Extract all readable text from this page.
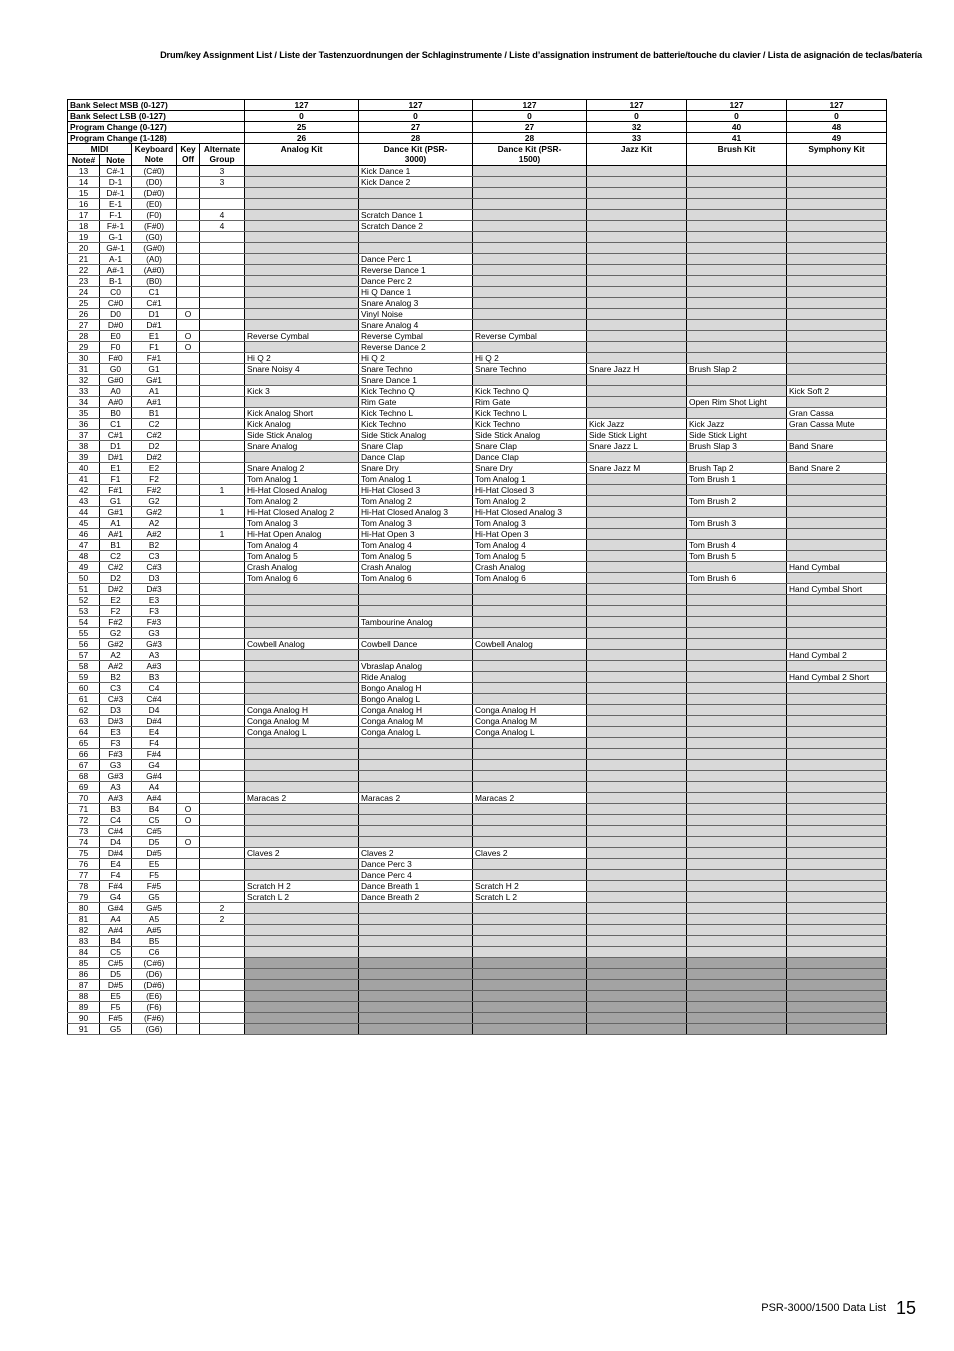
Drum/key Assignment List / Liste der Tastenzuordnungen der Schlaginstrumente / Liste d’assignation instrument de batterie/touche du clavier / Lista de asignación de teclas/batería
Bank Select MSB (0-127)					127	127	127	127	127	127
Bank Select LSB (0-127)					0	0	0	0	0	0
Program Change (0-127)					25	27	27	32	40	48
Program Change (1-128)					26	28	28	33	41	49
MIDI		Keyboard Note	Key Off	Alternate Group	Analog Kit	Dance Kit (PSR-3000)	Dance Kit (PSR-1500)	Jazz Kit	Brush Kit	Symphony Kit
Note#	Note									
13	C#-1	(C#0)		3		Kick Dance 1				
14	D-1	(D0)		3		Kick Dance 2				
15	D#-1	(D#0)								
16	E-1	(E0)								
17	F-1	(F0)		4		Scratch Dance 1				
18	F#-1	(F#0)		4		Scratch Dance 2				
19	G-1	(G0)								
20	G#-1	(G#0)								
21	A-1	(A0)				Dance Perc 1				
22	A#-1	(A#0)				Reverse Dance 1				
23	B-1	(B0)				Dance Perc 2				
24	C0	C1				Hi Q Dance 1				
25	C#0	C#1				Snare Analog 3				
26	D0	D1	O			Vinyl Noise				
27	D#0	D#1				Snare Analog 4				
28	E0	E1	O		Reverse Cymbal	Reverse Cymbal	Reverse Cymbal			
29	F0	F1	O			Reverse Dance 2				
30	F#0	F#1			Hi Q 2	Hi Q 2	Hi Q 2			
31	G0	G1			Snare Noisy 4	Snare Techno	Snare Techno	Snare Jazz H	Brush Slap 2	
32	G#0	G#1				Snare Dance 1				
33	A0	A1			Kick 3	Kick Techno Q	Kick Techno Q			Kick Soft 2
34	A#0	A#1				Rim Gate	Rim Gate		Open Rim Shot Light	
35	B0	B1			Kick Analog Short	Kick Techno L	Kick Techno L			Gran Cassa
36	C1	C2			Kick Analog	Kick Techno	Kick Techno	Kick Jazz	Kick Jazz	Gran Cassa Mute
37	C#1	C#2			Side Stick Analog	Side Stick Analog	Side Stick Analog	Side Stick Light	Side Stick Light	
38	D1	D2			Snare Analog	Snare Clap	Snare Clap	Snare Jazz L	Brush Slap 3	Band Snare
39	D#1	D#2				Dance Clap	Dance Clap			
40	E1	E2			Snare Analog 2	Snare Dry	Snare Dry	Snare Jazz M	Brush Tap 2	Band Snare 2
41	F1	F2			Tom Analog 1	Tom Analog 1	Tom Analog 1		Tom Brush 1	
42	F#1	F#2		1	Hi-Hat Closed Analog	Hi-Hat Closed 3	Hi-Hat Closed 3			
43	G1	G2			Tom Analog 2	Tom Analog 2	Tom Analog 2		Tom Brush 2	
44	G#1	G#2		1	Hi-Hat Closed Analog 2	Hi-Hat Closed Analog 3	Hi-Hat Closed Analog 3			
45	A1	A2			Tom Analog 3	Tom Analog 3	Tom Analog 3		Tom Brush 3	
46	A#1	A#2		1	Hi-Hat Open Analog	Hi-Hat Open 3	Hi-Hat Open 3			
47	B1	B2			Tom Analog 4	Tom Analog 4	Tom Analog 4		Tom Brush 4	
48	C2	C3			Tom Analog 5	Tom Analog 5	Tom Analog 5		Tom Brush 5	
49	C#2	C#3			Crash Analog	Crash Analog	Crash Analog			Hand Cymbal
50	D2	D3			Tom Analog 6	Tom Analog 6	Tom Analog 6		Tom Brush 6	
51	D#2	D#3								Hand Cymbal Short
52	E2	E3								
53	F2	F3								
54	F#2	F#3				Tambourine Analog				
55	G2	G3								
56	G#2	G#3			Cowbell Analog	Cowbell Dance	Cowbell Analog			
57	A2	A3								Hand Cymbal 2
58	A#2	A#3				Vbraslap Analog				
59	B2	B3				Ride Analog				Hand Cymbal 2 Short
60	C3	C4				Bongo Analog H				
61	C#3	C#4				Bongo Analog L				
62	D3	D4			Conga Analog H	Conga Analog H	Conga Analog H			
63	D#3	D#4			Conga Analog M	Conga Analog M	Conga Analog M			
64	E3	E4			Conga Analog L	Conga Analog L	Conga Analog L			
65	F3	F4								
66	F#3	F#4								
67	G3	G4								
68	G#3	G#4								
69	A3	A4								
70	A#3	A#4			Maracas 2	Maracas 2	Maracas 2			
71	B3	B4	O							
72	C4	C5	O							
73	C#4	C#5								
74	D4	D5	O							
75	D#4	D#5			Claves 2	Claves 2	Claves 2			
76	E4	E5				Dance Perc 3				
77	F4	F5				Dance Perc 4				
78	F#4	F#5			Scratch H 2	Dance Breath 1	Scratch H 2			
79	G4	G5			Scratch L 2	Dance Breath 2	Scratch L 2			
80	G#4	G#5		2						
81	A4	A5		2						
82	A#4	A#5								
83	B4	B5								
84	C5	C6								
85	C#5	(C#6)								
86	D5	(D6)								
87	D#5	(D#6)								
88	E5	(E6)								
89	F5	(F6)								
90	F#5	(F#6)								
91	G5	(G6)								
PSR-3000/1500 Data List 15
